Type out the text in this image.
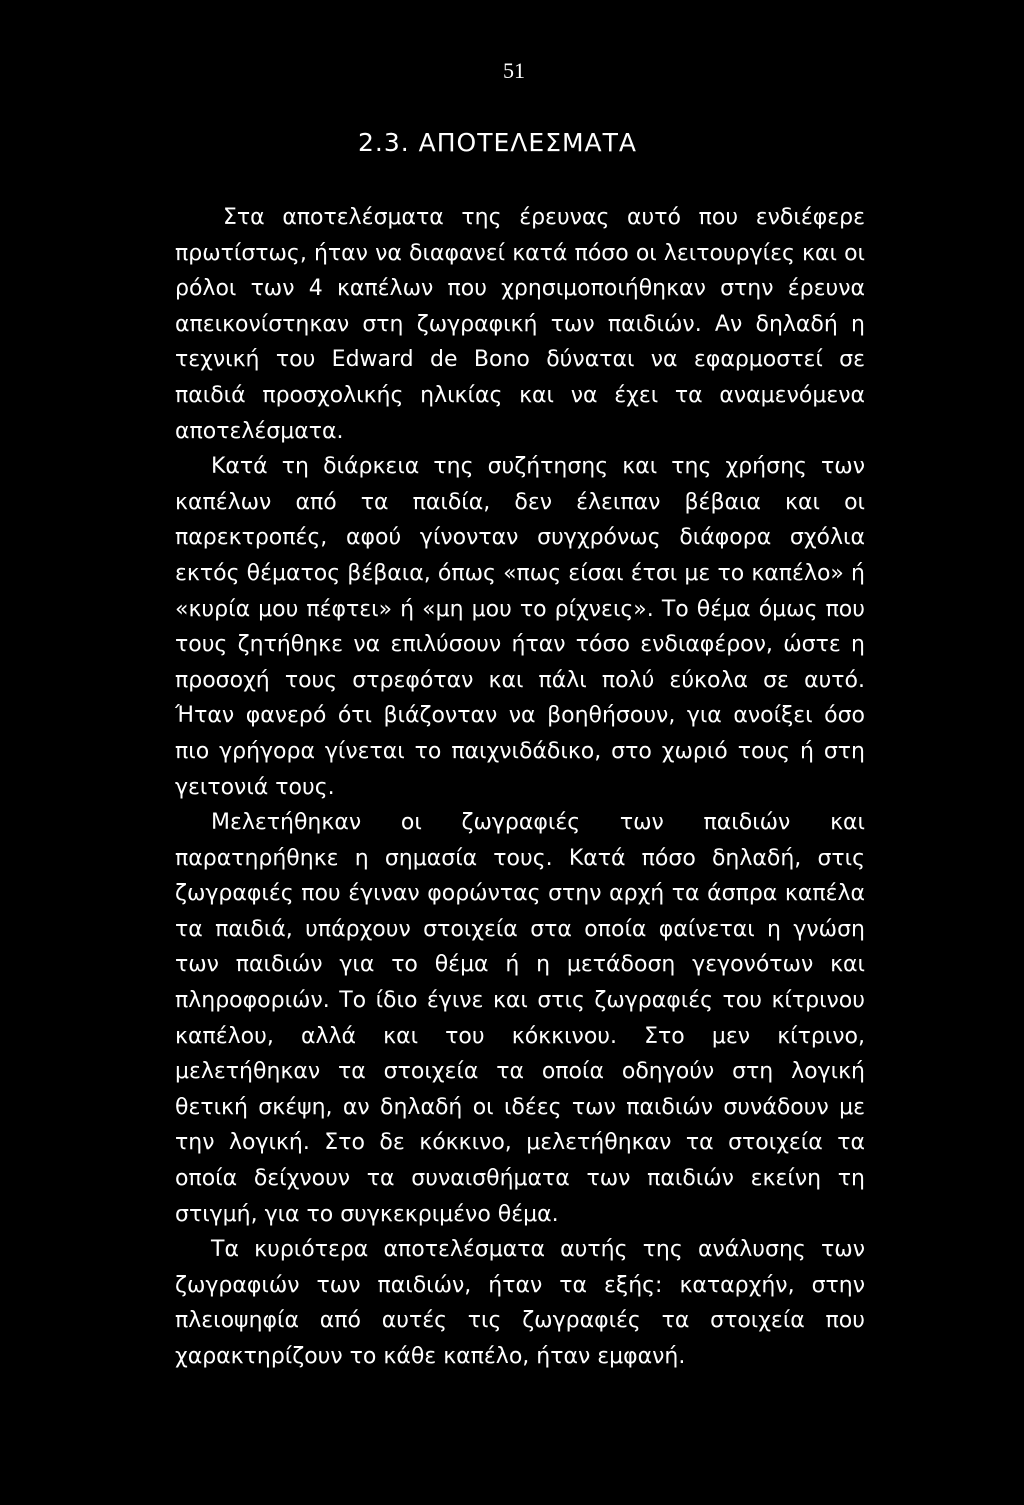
51
2.3. ΑΠΟΤΕΛΕΣΜΑΤΑ

Στα αποτελέσματα της έρευνας αυτό που ενδιέφερε πρωτίστως, ήταν να διαφανεί κατά πόσο οι λειτουργίες και οι ρόλοι των 4 καπέλων που χρησιμοποιήθηκαν στην έρευνα απεικονίστηκαν στη ζωγραφική των παιδιών. Αν δηλαδή η τεχνική του Edward de Bono δύναται να εφαρμοστεί σε παιδιά προσχολικής ηλικίας και να έχει τα αναμενόμενα αποτελέσματα.

Κατά τη διάρκεια της συζήτησης και της χρήσης των καπέλων από τα παιδία, δεν έλειπαν βέβαια και οι παρεκτροπές, αφού γίνονταν συγχρόνως διάφορα σχόλια εκτός θέματος βέβαια, όπως «πως είσαι έτσι με το καπέλο» ή «κυρία μου πέφτει» ή «μη μου το ρίχνεις». Το θέμα όμως που τους ζητήθηκε να επιλύσουν ήταν τόσο ενδιαφέρον, ώστε η προσοχή τους στρεφόταν και πάλι πολύ εύκολα σε αυτό. Ήταν φανερό ότι βιάζονταν να βοηθήσουν, για ανοίξει όσο πιο γρήγορα γίνεται το παιχνιδάδικο, στο χωριό τους ή στη γειτονιά τους.

Μελετήθηκαν οι ζωγραφιές των παιδιών και παρατηρήθηκε η σημασία τους. Κατά πόσο δηλαδή, στις ζωγραφιές που έγιναν φορώντας στην αρχή τα άσπρα καπέλα τα παιδιά, υπάρχουν στοιχεία στα οποία φαίνεται η γνώση των παιδιών για το θέμα ή η μετάδοση γεγονότων και πληροφοριών. Το ίδιο έγινε και στις ζωγραφιές του κίτρινου καπέλου, αλλά και του κόκκινου. Στο μεν κίτρινο, μελετήθηκαν τα στοιχεία τα οποία οδηγούν στη λογική θετική σκέψη, αν δηλαδή οι ιδέες των παιδιών συνάδουν με την λογική. Στο δε κόκκινο, μελετήθηκαν τα στοιχεία τα οποία δείχνουν τα συναισθήματα των παιδιών εκείνη τη στιγμή, για το συγκεκριμένο θέμα.

Τα κυριότερα αποτελέσματα αυτής της ανάλυσης των ζωγραφιών των παιδιών, ήταν τα εξής: καταρχήν, στην πλειοψηφία από αυτές τις ζωγραφιές τα στοιχεία που χαρακτηρίζουν το κάθε καπέλο, ήταν εμφανή.
